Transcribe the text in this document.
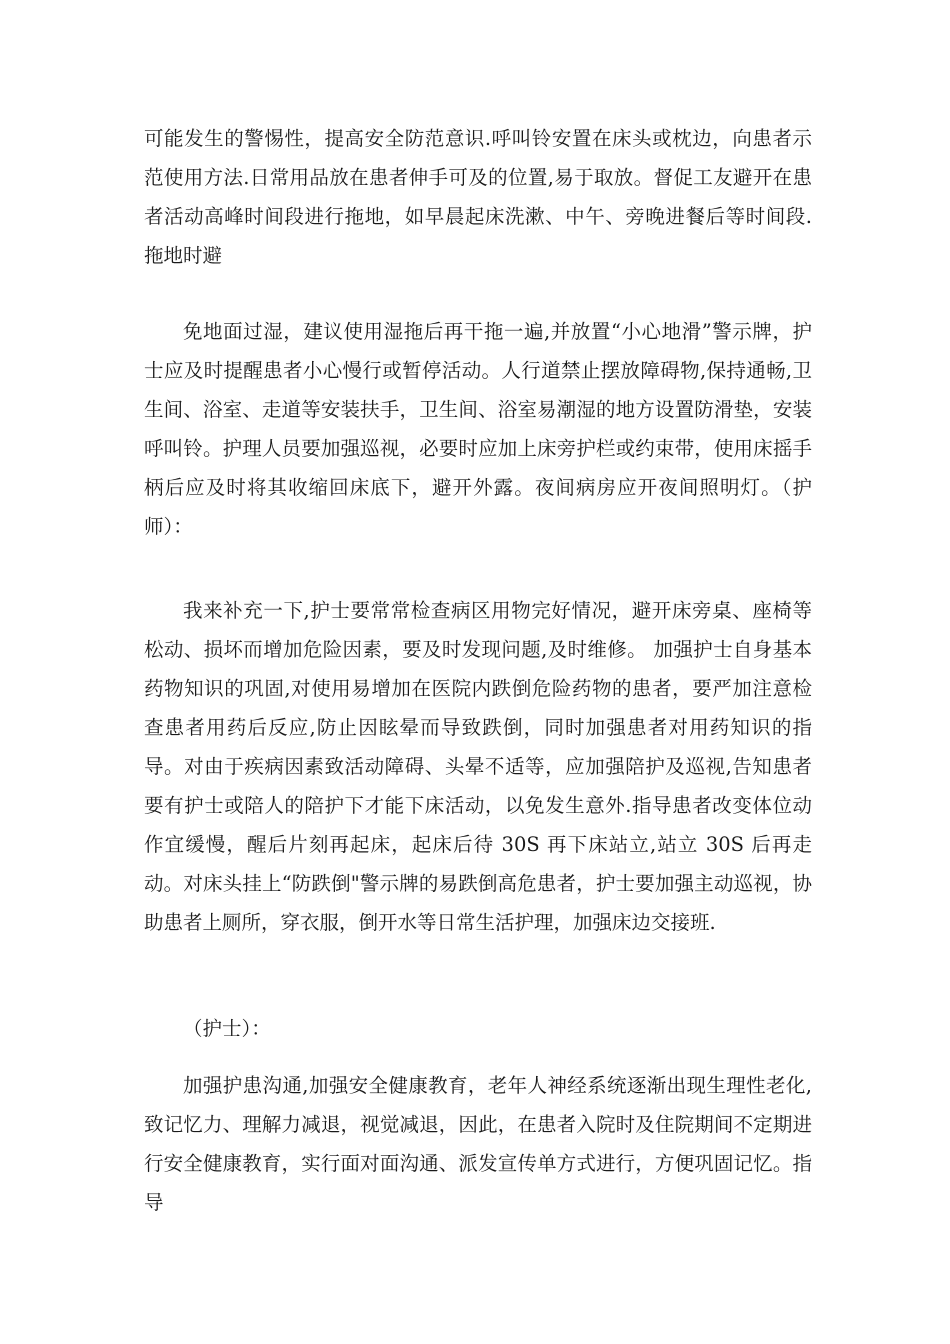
可能发生的警惕性，提高安全防范意识.呼叫铃安置在床头或枕边，向患者示范使用方法.日常用品放在患者伸手可及的位置,易于取放。督促工友避开在患者活动高峰时间段进行拖地，如早晨起床洗漱、中午、旁晚进餐后等时间段.拖地时避

免地面过湿，建议使用湿拖后再干拖一遍,并放置“小心地滑”警示牌，护士应及时提醒患者小心慢行或暂停活动。人行道禁止摆放障碍物,保持通畅,卫生间、浴室、走道等安装扶手，卫生间、浴室易潮湿的地方设置防滑垫，安装呼叫铃。护理人员要加强巡视，必要时应加上床旁护栏或约束带，使用床摇手柄后应及时将其收缩回床底下，避开外露。夜间病房应开夜间照明灯。（护师）：

我来补充一下,护士要常常检查病区用物完好情况，避开床旁桌、座椅等松动、损坏而增加危险因素，要及时发现问题,及时维修。 加强护士自身基本药物知识的巩固,对使用易增加在医院内跌倒危险药物的患者，要严加注意检查患者用药后反应,防止因眩晕而导致跌倒，同时加强患者对用药知识的指导。对由于疾病因素致活动障碍、头晕不适等，应加强陪护及巡视,告知患者要有护士或陪人的陪护下才能下床活动，以免发生意外.指导患者改变体位动作宜缓慢，醒后片刻再起床，起床后待 30S 再下床站立,站立 30S 后再走动。对床头挂上“防跌倒"警示牌的易跌倒高危患者，护士要加强主动巡视，协助患者上厕所，穿衣服，倒开水等日常生活护理，加强床边交接班.

（护士）：

加强护患沟通,加强安全健康教育，老年人神经系统逐渐出现生理性老化,致记忆力、理解力减退，视觉减退，因此，在患者入院时及住院期间不定期进行安全健康教育，实行面对面沟通、派发宣传单方式进行，方便巩固记忆。指导
